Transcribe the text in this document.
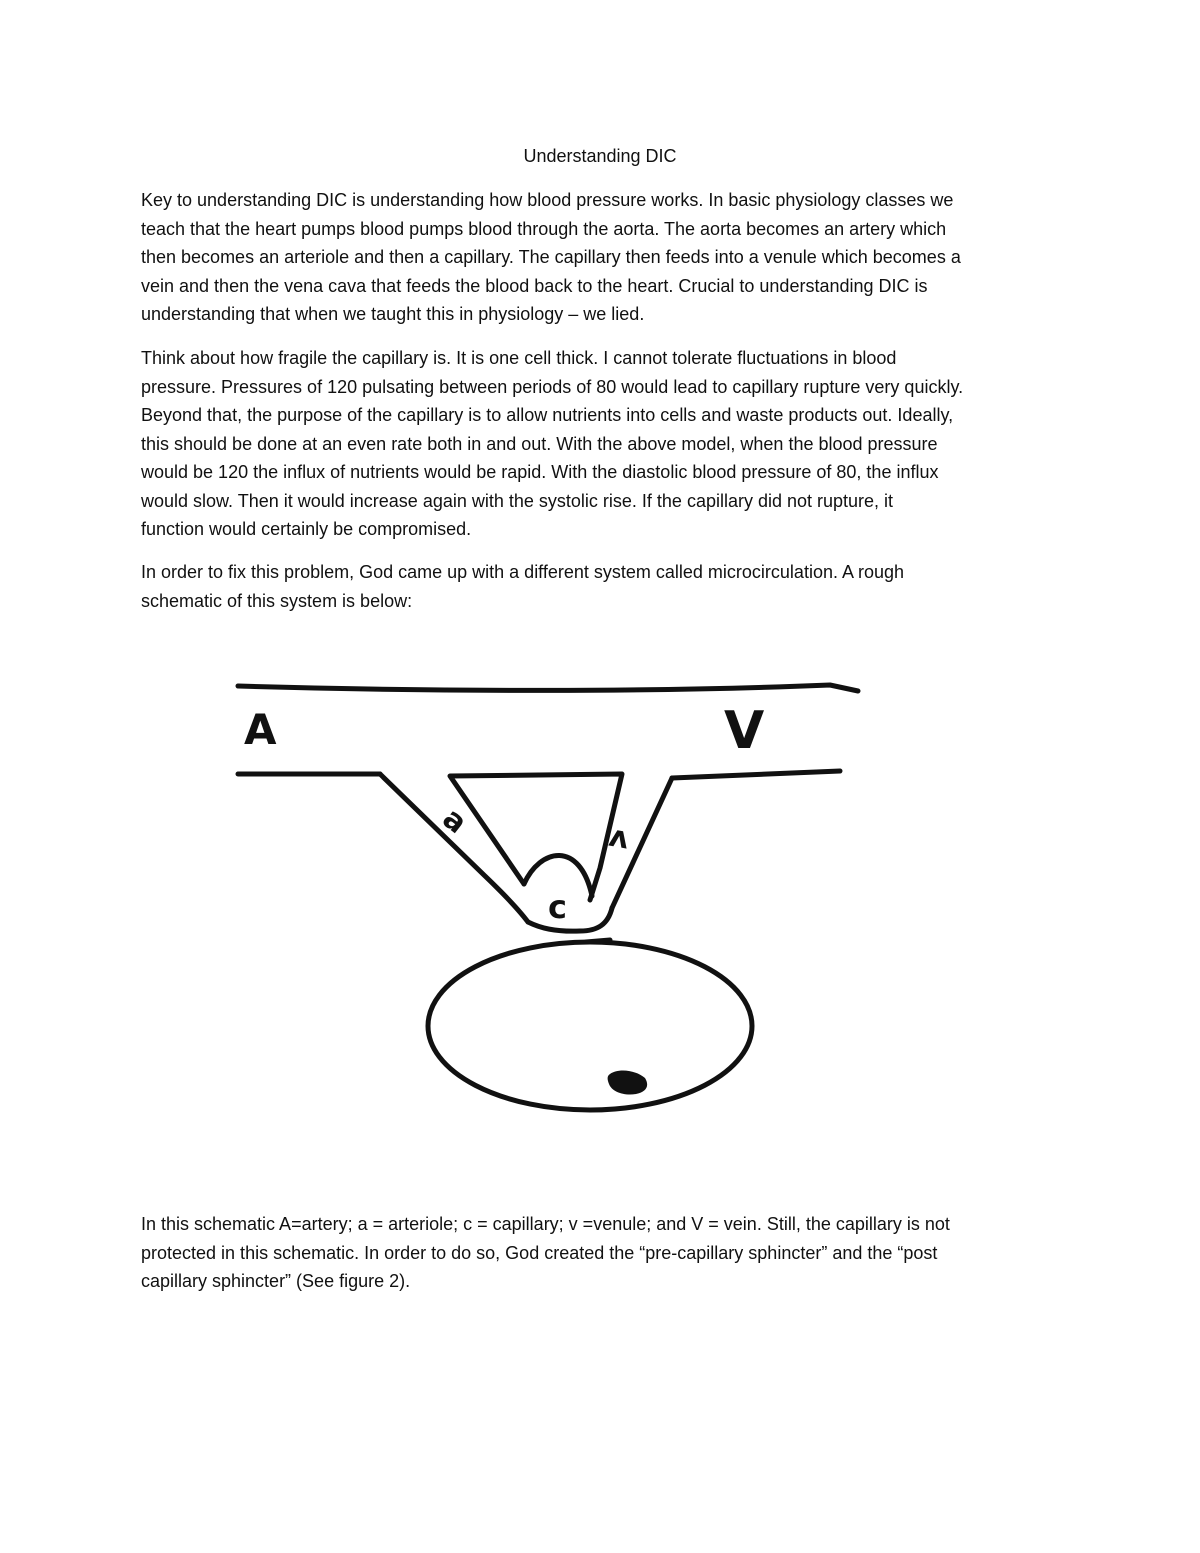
Understanding DIC
Key to understanding DIC is understanding how blood pressure works. In basic physiology classes we
teach that the heart pumps blood pumps blood through the aorta. The aorta becomes an artery which
then becomes an arteriole and then a capillary. The capillary then feeds into a venule which becomes a
vein and then the vena cava that feeds the blood back to the heart. Crucial to understanding DIC is
understanding that when we taught this in physiology – we lied.
Think about how fragile the capillary is. It is one cell thick. I cannot tolerate fluctuations in blood
pressure. Pressures of 120 pulsating between periods of 80 would lead to capillary rupture very quickly.
Beyond that, the purpose of the capillary is to allow nutrients into cells and waste products out. Ideally,
this should be done at an even rate both in and out. With the above model, when the blood pressure
would be 120 the influx of nutrients would be rapid. With the diastolic blood pressure of 80, the influx
would slow. Then it would increase again with the systolic rise. If the capillary did not rupture, it
function would certainly be compromised.
In order to fix this problem, God came up with a different system called microcirculation. A rough
schematic of this system is below:
A	V
a	v
c
In this schematic A=artery; a = arteriole; c = capillary; v =venule; and V = vein. Still, the capillary is not
protected in this schematic. In order to do so, God created the “pre-capillary sphincter” and the “post
capillary sphincter” (See figure 2).
